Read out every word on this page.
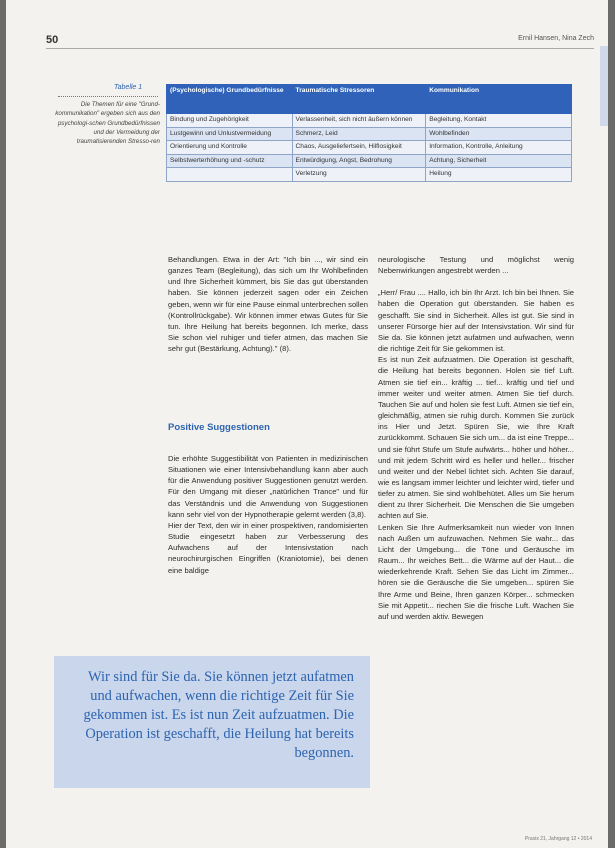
50	Ernil Hansen, Nina Zech
Tabelle 1
Die Themen für eine "Grund-kommunikation" ergeben sich aus den psychologi-schen Grundbedürfnissen und der Vermeidung der traumatisierenden Stresso-ren
(Psychologische) Grundbedürfnisse	Traumatische Stressoren	Kommunikation
Bindung und Zugehörigkeit	Verlassenheit, sich nicht äußern können	Begleitung, Kontakt
Lustgewinn und Unlustvermeidung	Schmerz, Leid	Wohlbefinden
Orientierung und Kontrolle	Chaos, Ausgeliefertsein, Hilflosigkeit	Information, Kontrolle, Anleitung
Selbstwerterhöhung und -schutz	Entwürdigung, Angst, Bedrohung	Achtung, Sicherheit
	Verletzung	Heilung

Behandlungen. Etwa in der Art: "Ich bin ..., wir sind ein ganzes Team (Begleitung), das sich um Ihr Wohlbefinden und Ihre Sicherheit kümmert, bis Sie das gut überstanden haben. Sie können jederzeit sagen oder ein Zeichen geben, wenn wir für eine Pause einmal unterbrechen sollen (Kontrollrückgabe). Wir können immer etwas Gutes für Sie tun. Ihre Heilung hat bereits begonnen. Ich merke, dass Sie schon viel ruhiger und tiefer atmen, das machen Sie sehr gut (Bestärkung, Achtung)." (8).

Positive Suggestionen

Die erhöhte Suggestibilität von Patienten in medizinischen Situationen wie einer Intensivbehandlung kann aber auch für die Anwendung positiver Suggestionen genutzt werden. Für den Umgang mit dieser „natürlichen Trance" und für das Verständnis und die Anwendung von Suggestionen kann sehr viel von der Hypnotherapie gelernt werden (3,8).

Hier der Text, den wir in einer prospektiven, randomisierten Studie eingesetzt haben zur Verbesserung des Aufwachens auf der Intensivstation nach neurochirurgischen Eingriffen (Kraniotomie), bei denen eine baldige

neurologische Testung und möglichst wenig Nebenwirkungen angestrebt werden ...

„Herr/ Frau .... Hallo, ich bin Ihr Arzt. Ich bin bei Ihnen. Sie haben die Operation gut überstanden. Sie haben es geschafft. Sie sind in Sicherheit. Alles ist gut. Sie sind in unserer Fürsorge hier auf der Intensivstation. Wir sind für Sie da. Sie können jetzt aufatmen und aufwachen, wenn die richtige Zeit für Sie gekommen ist.

Es ist nun Zeit aufzuatmen. Die Operation ist geschafft, die Heilung hat bereits begonnen. Holen sie tief Luft. Atmen sie tief ein... kräftig ... tief... kräftig und tief und immer weiter und weiter atmen. Atmen Sie tief durch. Tauchen Sie auf und holen sie fest Luft. Atmen sie tief ein, gleichmäßig, atmen sie ruhig durch. Kommen Sie zurück ins Hier und Jetzt. Spüren Sie, wie Ihre Kraft zurückkommt. Schauen Sie sich um... da ist eine Treppe... und sie führt Stufe um Stufe aufwärts... höher und höher... und mit jedem Schritt wird es heller und heller... frischer und weiter und der Nebel lichtet sich. Achten Sie darauf, wie es langsam immer leichter und leichter wird, tiefer und tiefer zu atmen. Sie sind wohlbehütet. Alles um Sie herum dient zu Ihrer Sicherheit. Die Menschen die Sie umgeben achten auf Sie.

Lenken Sie Ihre Aufmerksamkeit nun wieder von Innen nach Außen um aufzuwachen. Nehmen Sie wahr... das Licht der Umgebung... die Töne und Geräusche im Raum... Ihr weiches Bett... die Wärme auf der Haut... die wiederkehrende Kraft. Sehen Sie das Licht im Zimmer... hören sie die Geräusche die Sie umgeben... spüren Sie Ihre Arme und Beine, Ihren ganzen Körper... schmecken Sie mit Appetit... riechen Sie die frische Luft. Wachen Sie auf und werden aktiv. Bewegen

Wir sind für Sie da. Sie können jetzt aufatmen und aufwachen, wenn die richtige Zeit für Sie gekommen ist. Es ist nun Zeit aufzuatmen. Die Operation ist geschafft, die Heilung hat bereits begonnen.
Praxis 21, Jahrgang 12 • 2014
